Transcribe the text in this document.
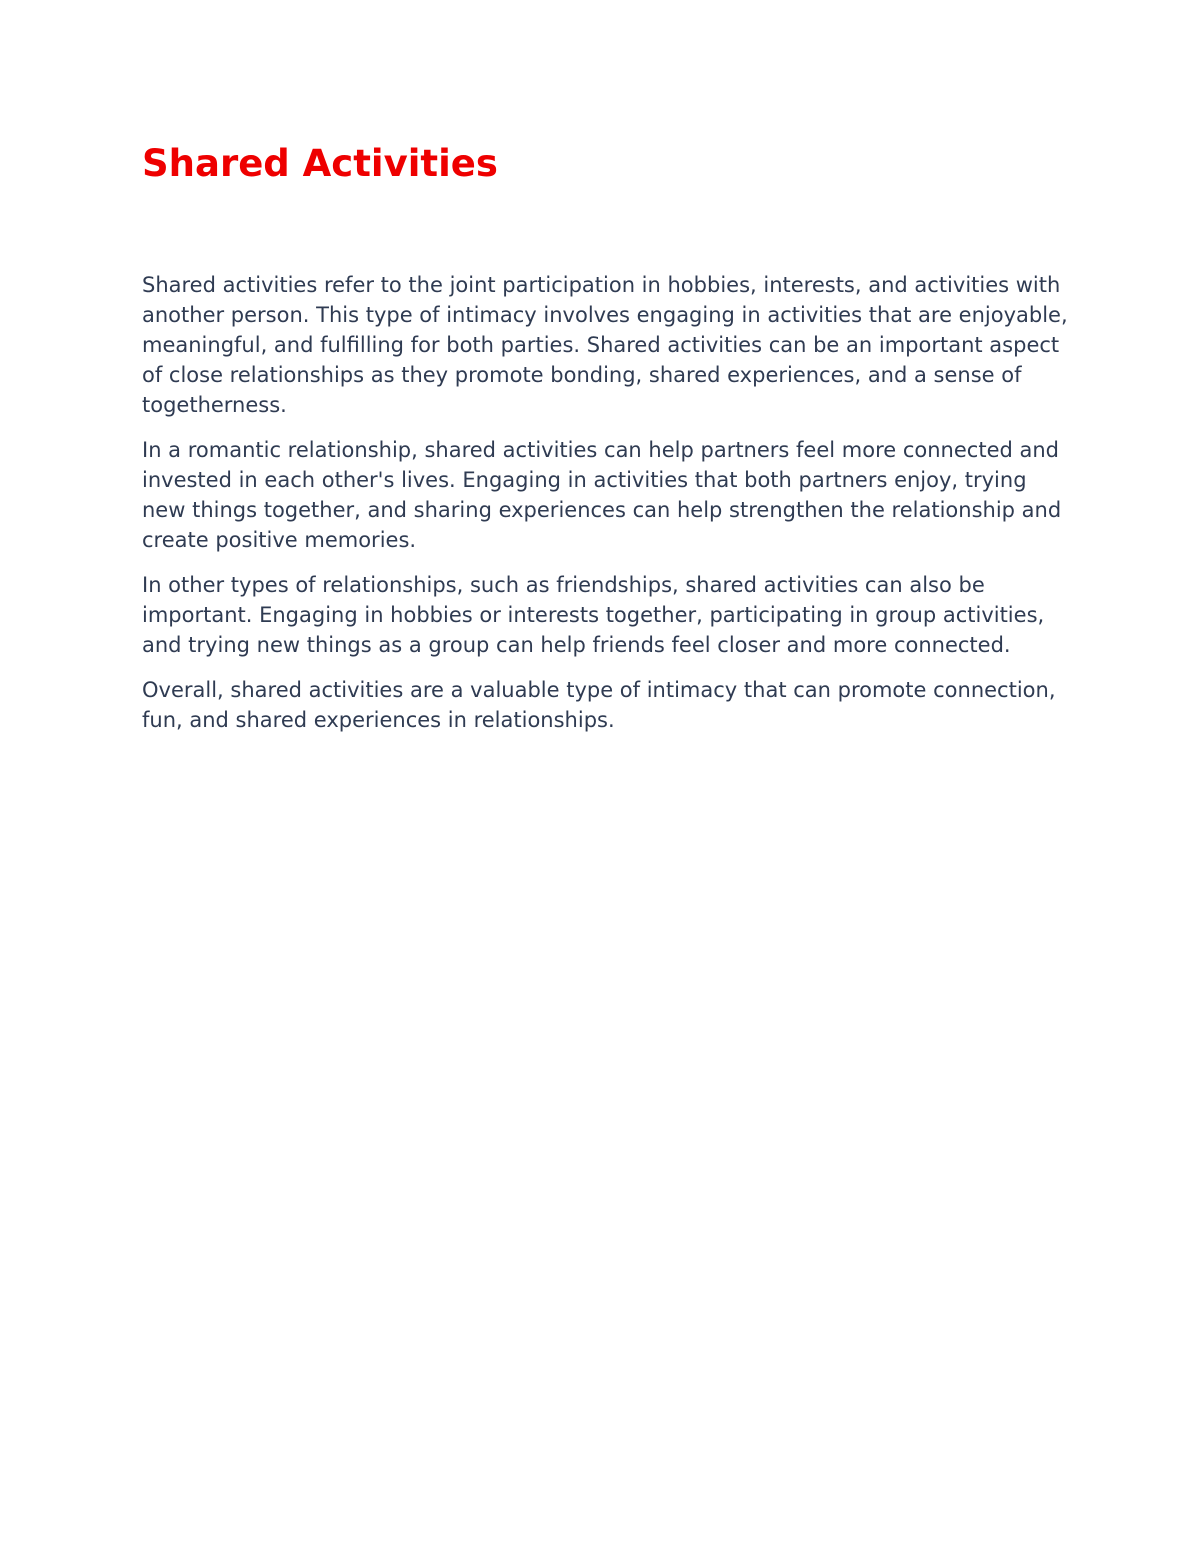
Shared Activities

Shared activities refer to the joint participation in hobbies, interests, and activities with another person. This type of intimacy involves engaging in activities that are enjoyable, meaningful, and fulfilling for both parties. Shared activities can be an important aspect of close relationships as they promote bonding, shared experiences, and a sense of togetherness.

In a romantic relationship, shared activities can help partners feel more connected and invested in each other's lives. Engaging in activities that both partners enjoy, trying new things together, and sharing experiences can help strengthen the relationship and create positive memories.

In other types of relationships, such as friendships, shared activities can also be important. Engaging in hobbies or interests together, participating in group activities, and trying new things as a group can help friends feel closer and more connected.

Overall, shared activities are a valuable type of intimacy that can promote connection, fun, and shared experiences in relationships.
